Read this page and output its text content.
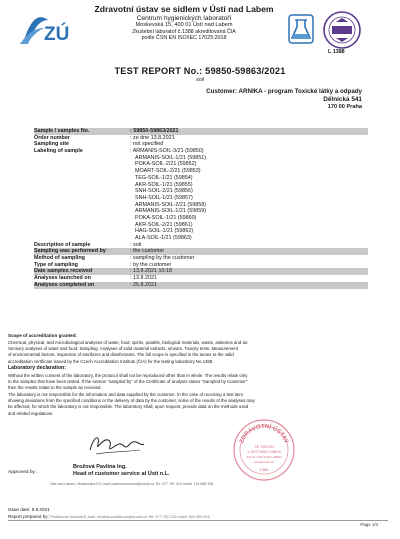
ZÚ
Zdravotní ústav se sídlem v Ústí nad Labem
Centrum hygienických laboratoří
Moskevská 15, 400 01 Ústí nad Labem
Zkušební laboratoř č.1388 akreditovaná ČIA
podle ČSN EN ISO/IEC 17025:2018
L 1388
TEST REPORT No.: 59850-59863/2021
soil
Customer: ARNIKA - program Toxické látky a odpady
Dělnická 541
170 00 Praha
Sample / samples No.	: 59850-59863/2021
Order number	: ze dne 13.8.2021
Sampling site	: not specified
Labeling of sample	: ARMANIS-SOIL-3/21 (59850)
ARMANIS-SOIL-1/21 (59851)
POKA-SOIL-2/21 (59852)
MOART-SOIL-2/21 (59853)
TEG-SOIL-1/21 (59854)
AKR-SOIL-1/21 (59855)
SNH-SOIL-2/21 (59856)
SNH-SOIL-1/21 (59857)
ARMANIS-SOIL-2/21 (59858)
ARMANIS-SOIL-1/21 (59859)
POKA-SOIL-1/21 (59860)
AKR-SOIL-2/21 (59861)
HAG-SOIL-1/21 (59862)
ALA-SOIL-1/21 (59863)
Description of sample	: soil
Sampling was performed by	: the customer
Method of sampling	: sampling by the customer
Type of sampling	: by the customer
Date samples received	: 13.8.2021 10:18
Analyses launched on	: 13.8.2021
Analyses completed on	: 25.8.2021
Scope of accreditation granted:
Chemical, physical, and microbiological analyses of water, food, spirits, potable, biological materials, waste, asbestos and air.
Sensory analyses of water and food. Sampling. Analyses of solid material extracts, smears. Toxicity tests. Measurement
of environmental factors, inspection of sterilizers and disinfectants. The full scope is specified in the annex to the valid
accreditation certificate issued by the Czech Accreditation Institute (ČIA) for the testing laboratory No.1388.
Laboratory declaration:
Without the written consent of the laboratory, the protocol shall not be reproduced other than in whole. The results relate only
to the samples that have been tested. If the section "sampled by" of the Certificate of analysis states "Sampled by Customer"
then the results relate to the sample as received.
The laboratory is not responsible for the information and data supplied by the customer. In the case of receiving a test item
showing deviations from the specified conditions or the delivery of data by the customer, some of the results of the analyses may
be affected, for which the laboratory is not responsible. The laboratory shall, upon request, provide data on the methods used
and related regulations.
ZDRAVOTNÍ ÚSTAV
SE SÍDLEM
V ÚSTÍ NAD LABEM
401 01 ÚSTÍ NAD LABEM
Moskevská 15
1388
Approved by :
Brožová Pavlína Ing.
Head of customer service at Ústí n.L.
Ústí nad Labem, Moskevská 5 E-mail: pavlina.brozova@zuusti.cz Tel: 477 751 210 mobil: 724 668 156
Issue date: 9.9.2021
Report prepared by: Podlahová Vendula E-mail: vendula.podlahova@zuusti.cz Tel: 477 751 210 mobil: 602 409 549
Page 1/4
